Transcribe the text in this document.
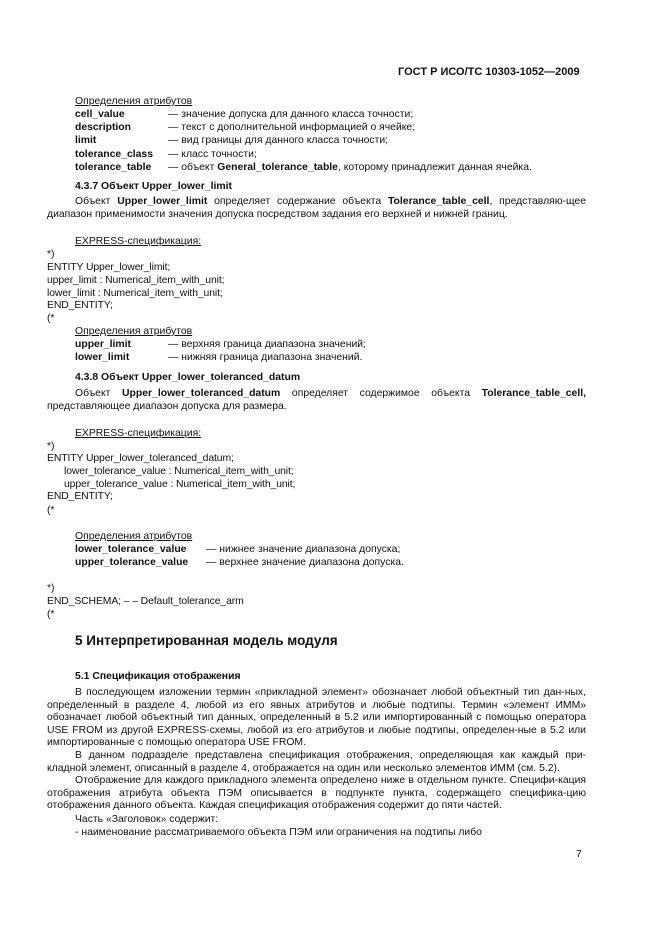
ГОСТ Р ИСО/ТС 10303-1052—2009
Определения атрибутов
cell_value	— значение допуска для данного класса точности;
description	— текст с дополнительной информацией о ячейке;
limit	— вид границы для данного класса точности;
tolerance_class — класс точности;
tolerance_table — объект General_tolerance_table, которому принадлежит данная ячейка.
4.3.7 Объект Upper_lower_limit
Объект Upper_lower_limit определяет содержание объекта Tolerance_table_cell, представляю-щее диапазон применимости значения допуска посредством задания его верхней и нижней границ.
EXPRESS-спецификация:
*)
ENTITY Upper_lower_limit;
upper_limit : Numerical_item_with_unit;
lower_limit : Numerical_item_with_unit;
END_ENTITY;
(*
Определения атрибутов
upper_limit	— верхняя граница диапазона значений;
lower_limit	— нижняя граница диапазона значений.
4.3.8 Объект Upper_lower_toleranced_datum
Объект Upper_lower_toleranced_datum определяет содержимое объекта Tolerance_table_cell, представляющее диапазон допуска для размера.
EXPRESS-спецификация:
*)
ENTITY Upper_lower_toleranced_datum;
lower_tolerance_value : Numerical_item_with_unit;
upper_tolerance_value : Numerical_item_with_unit;
END_ENTITY;
(*
Определения атрибутов
lower_tolerance_value — нижнее значение диапазона допуска;
upper_tolerance_value — верхнее значение диапазона допуска.
*)
END_SCHEMA; – – Default_tolerance_arm
(*
5 Интерпретированная модель модуля
5.1 Спецификация отображения
В последующем изложении термин «прикладной элемент» обозначает любой объектный тип дан-ных, определенный в разделе 4, любой из его явных атрибутов и любые подтипы. Термин «элемент ИММ» обозначает любой объектный тип данных, определенный в 5.2 или импортированный с помощью оператора USE FROM из другой EXPRESS-схемы, любой из его атрибутов и любые подтипы, определен-ные в 5.2 или импортированные с помощью оператора USE FROM.
В данном подразделе представлена спецификация отображения, определяющая как каждый при-кладной элемент, описанный в разделе 4, отображается на один или несколько элементов ИММ (см. 5.2).
Отображение для каждого прикладного элемента определено ниже в отдельном пункте. Специфи-кация отображения атрибута объекта ПЭМ описывается в подпункте пункта, содержащего специфика-цию отображения данного объекта. Каждая спецификация отображения содержит до пяти частей.
Часть «Заголовок» содержит:
- наименование рассматриваемого объекта ПЭМ или ограничения на подтипы либо
7
